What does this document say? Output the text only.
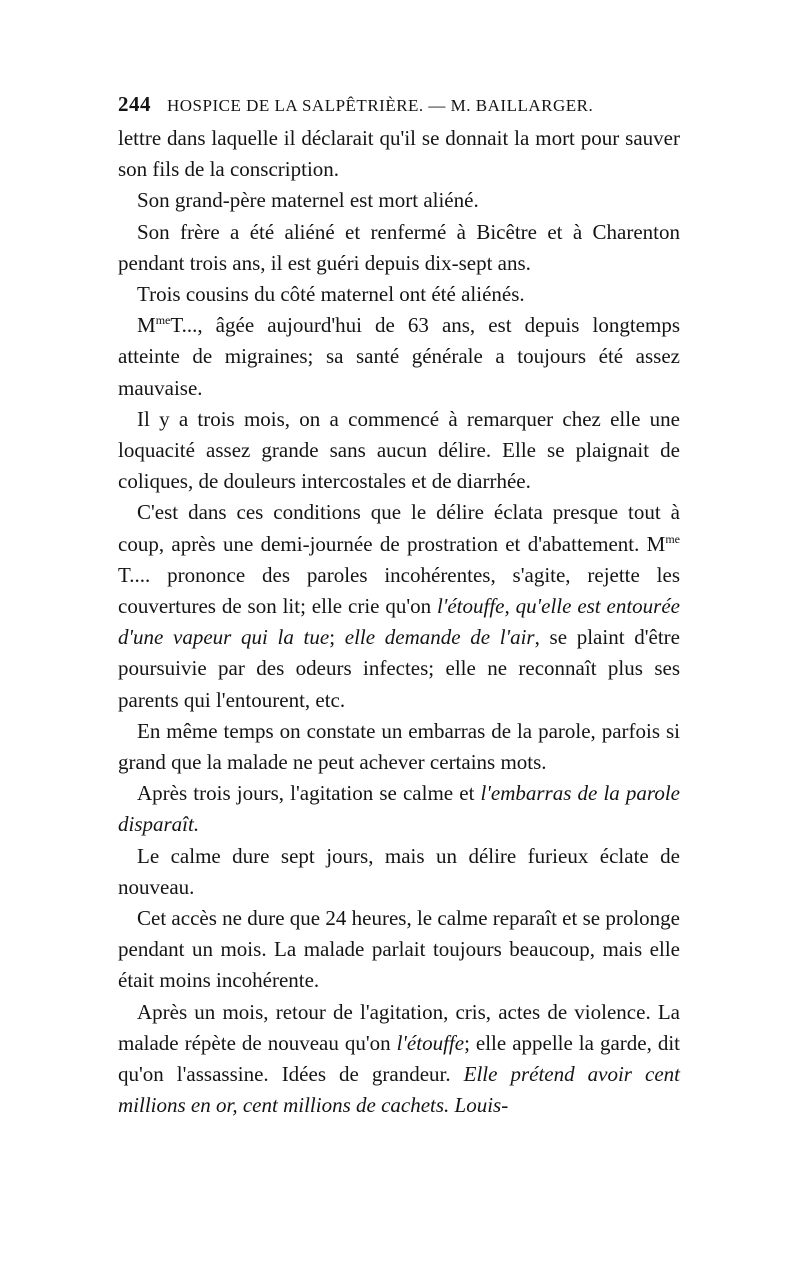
244 HOSPICE DE LA SALPÊTRIÈRE. — M. BAILLARGER.

lettre dans laquelle il déclarait qu'il se donnait la mort pour sauver son fils de la conscription.

Son grand-père maternel est mort aliéné.

Son frère a été aliéné et renfermé à Bicêtre et à Charenton pendant trois ans, il est guéri depuis dix-sept ans.

Trois cousins du côté maternel ont été aliénés.

$M^{me}T$..., âgée aujourd'hui de 63 ans, est depuis longtemps atteinte de migraines; sa santé générale a toujours été assez mauvaise.

Il y a trois mois, on a commencé à remarquer chez elle une loquacité assez grande sans aucun délire. Elle se plaignait de coliques, de douleurs intercostales et de diarrhée.

C'est dans ces conditions que le délire éclata presque tout à coup, après une demi-journée de prostration et d'abattement. $M^{me}$ T.... prononce des paroles incohérentes, s'agite, rejette les couvertures de son lit; elle crie qu'on l'étouffe, qu'elle est entourée d'une vapeur qui la tue; elle demande de l'air, se plaint d'être poursuivie par des odeurs infectes; elle ne reconnaît plus ses parents qui l'entourent, etc.

En même temps on constate un embarras de la parole, parfois si grand que la malade ne peut achever certains mots.

Après trois jours, l'agitation se calme et l'embarras de la parole disparaît.

Le calme dure sept jours, mais un délire furieux éclate de nouveau.

Cet accès ne dure que 24 heures, le calme reparaît et se prolonge pendant un mois. La malade parlait toujours beaucoup, mais elle était moins incohérente.

Après un mois, retour de l'agitation, cris, actes de violence. La malade répète de nouveau qu'on l'étouffe; elle appelle la garde, dit qu'on l'assassine. Idées de grandeur. Elle prétend avoir cent millions en or, cent millions de cachets. Louis-
